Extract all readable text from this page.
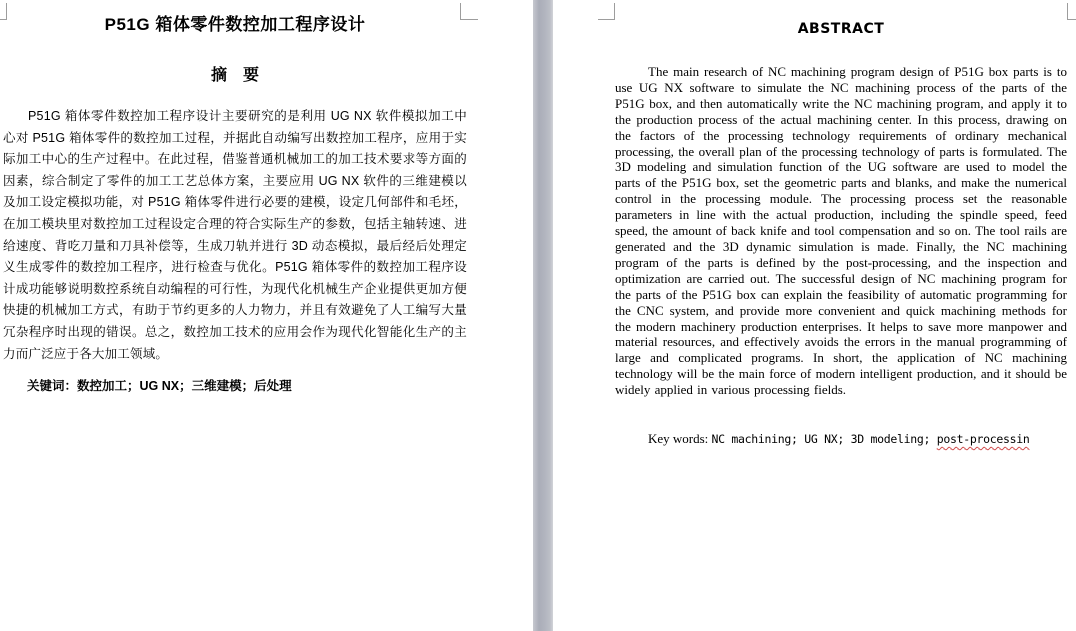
P51G 箱体零件数控加工程序设计
摘　要
P51G 箱体零件数控加工程序设计主要研究的是利用 UG NX 软件模拟加工中心对 P51G 箱体零件的数控加工过程，并据此自动编写出数控加工程序，应用于实际加工中心的生产过程中。在此过程，借鉴普通机械加工的加工技术要求等方面的因素，综合制定了零件的加工工艺总体方案，主要应用 UG NX 软件的三维建模以及加工设定模拟功能，对 P51G 箱体零件进行必要的建模，设定几何部件和毛坯，在加工模块里对数控加工过程设定合理的符合实际生产的参数，包括主轴转速、进给速度、背吃刀量和刀具补偿等，生成刀轨并进行 3D 动态模拟，最后经后处理定义生成零件的数控加工程序，进行检查与优化。P51G 箱体零件的数控加工程序设计成功能够说明数控系统自动编程的可行性，为现代化机械生产企业提供更加方便快捷的机械加工方式，有助于节约更多的人力物力，并且有效避免了人工编写大量冗杂程序时出现的错误。总之，数控加工技术的应用会作为现代化智能化生产的主力而广泛应于各大加工领域。
关键词：数控加工；UG NX；三维建模；后处理
ABSTRACT
The main research of NC machining program design of P51G box parts is to use UG NX software to simulate the NC machining process of the parts of the P51G box, and then automatically write the NC machining program, and apply it to the production process of the actual machining center. In this process, drawing on the factors of the processing technology requirements of ordinary mechanical processing, the overall plan of the processing technology of parts is formulated. The 3D modeling and simulation function of the UG software are used to model the parts of the P51G box, set the geometric parts and blanks, and make the numerical control in the processing module. The processing process set the reasonable parameters in line with the actual production, including the spindle speed, feed speed, the amount of back knife and tool compensation and so on. The tool rails are generated and the 3D dynamic simulation is made. Finally, the NC machining program of the parts is defined by the post-processing, and the inspection and optimization are carried out. The successful design of NC machining program for the parts of the P51G box can explain the feasibility of automatic programming for the CNC system, and provide more convenient and quick machining methods for the modern machinery production enterprises. It helps to save more manpower and material resources, and effectively avoids the errors in the manual programming of large and complicated programs. In short, the application of NC machining technology will be the main force of modern intelligent production, and it should be widely applied in various processing fields.
Key words: NC machining; UG NX; 3D modeling; post-processin
